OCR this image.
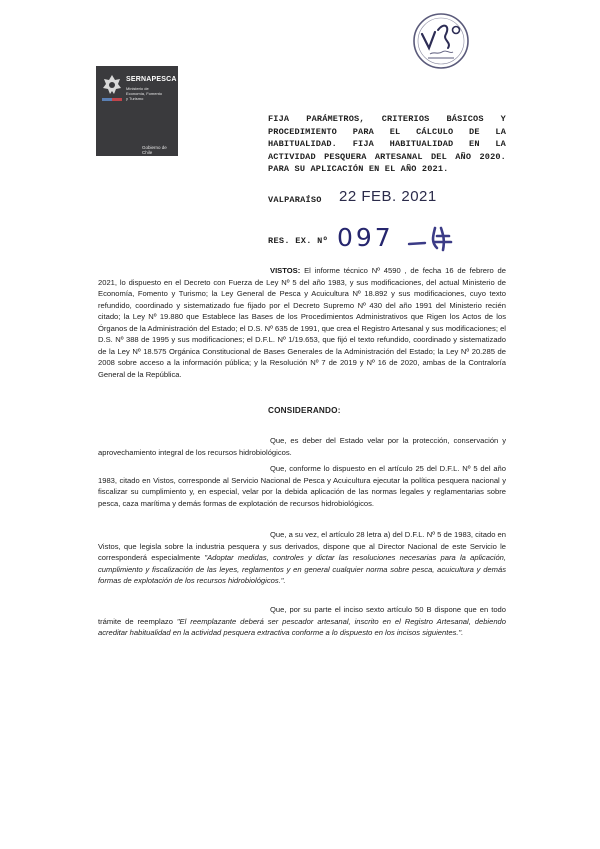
SERNAPESCA
Ministerio de
Economía, Fomento
y Turismo
Gobierno de Chile
FIJA PARÁMETROS, CRITERIOS BÁSICOS Y PROCEDIMIENTO PARA EL CÁLCULO DE LA HABITUALIDAD. FIJA HABITUALIDAD EN LA ACTIVIDAD PESQUERA ARTESANAL DEL AÑO 2020. PARA SU APLICACIÓN EN EL AÑO 2021.
VALPARAÍSO 22 FEB. 2021
RES. EX. Nº 097
VISTOS: El informe técnico Nº 4590 , de fecha 16 de febrero de 2021, lo dispuesto en el Decreto con Fuerza de Ley Nº 5 del año 1983, y sus modificaciones, del actual Ministerio de Economía, Fomento y Turismo; la Ley General de Pesca y Acuicultura Nº 18.892 y sus modificaciones, cuyo texto refundido, coordinado y sistematizado fue fijado por el Decreto Supremo Nº 430 del año 1991 del Ministerio recién citado; la Ley Nº 19.880 que Establece las Bases de los Procedimientos Administrativos que Rigen los Actos de los Órganos de la Administración del Estado; el D.S. Nº 635 de 1991, que crea el Registro Artesanal y sus modificaciones; el D.S. Nº 388 de 1995 y sus modificaciones; el D.F.L. Nº 1/19.653, que fijó el texto refundido, coordinado y sistematizado de la Ley Nº 18.575 Orgánica Constitucional de Bases Generales de la Administración del Estado; la Ley Nº 20.285 de 2008 sobre acceso a la información pública; y la Resolución Nº 7 de 2019 y Nº 16 de 2020, ambas de la Contraloría General de la República.
CONSIDERANDO:
Que, es deber del Estado velar por la protección, conservación y aprovechamiento integral de los recursos hidrobiológicos.
Que, conforme lo dispuesto en el artículo 25 del D.F.L. Nº 5 del año 1983, citado en Vistos, corresponde al Servicio Nacional de Pesca y Acuicultura ejecutar la política pesquera nacional y fiscalizar su cumplimiento y, en especial, velar por la debida aplicación de las normas legales y reglamentarias sobre pesca, caza marítima y demás formas de explotación de recursos hidrobiológicos.
Que, a su vez, el artículo 28 letra a) del D.F.L. Nº 5 de 1983, citado en Vistos, que legisla sobre la industria pesquera y sus derivados, dispone que al Director Nacional de este Servicio le corresponderá especialmente "Adoptar medidas, controles y dictar las resoluciones necesarias para la aplicación, cumplimiento y fiscalización de las leyes, reglamentos y en general cualquier norma sobre pesca, acuicultura y demás formas de explotación de los recursos hidrobiológicos.".
Que, por su parte el inciso sexto artículo 50 B dispone que en todo trámite de reemplazo "El reemplazante deberá ser pescador artesanal, inscrito en el Registro Artesanal, debiendo acreditar habitualidad en la actividad pesquera extractiva conforme a lo dispuesto en los incisos siguientes.".
